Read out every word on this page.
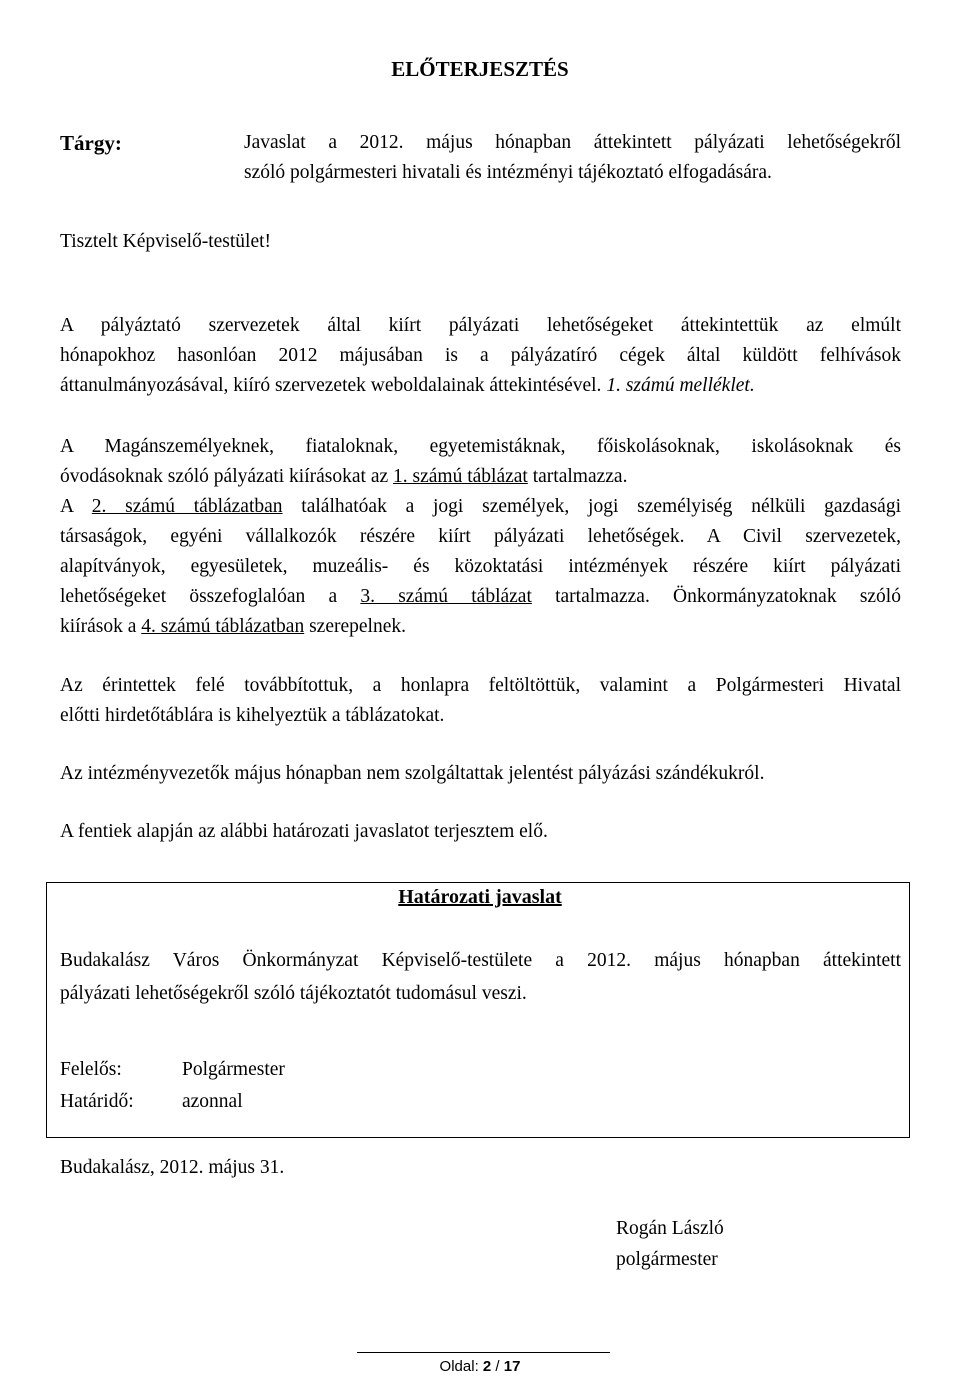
ELŐTERJESZTÉS
Tárgy:	Javaslat a 2012. május hónapban áttekintett pályázati lehetőségekről
szóló polgármesteri hivatali és intézményi tájékoztató elfogadására.
Tisztelt Képviselő-testület!
A pályáztató szervezetek által kiírt pályázati lehetőségeket áttekintettük az elmúlt
hónapokhoz hasonlóan 2012 májusában is a pályázatíró cégek által küldött felhívások
áttanulmányozásával, kiíró szervezetek weboldalainak áttekintésével. 1. számú melléklet.
A Magánszemélyeknek, fiataloknak, egyetemistáknak, főiskolásoknak, iskolásoknak és
óvodásoknak szóló pályázati kiírásokat az 1. számú táblázat tartalmazza.
A 2. számú táblázatban találhatóak a jogi személyek, jogi személyiség nélküli gazdasági
társaságok, egyéni vállalkozók részére kiírt pályázati lehetőségek. A Civil szervezetek,
alapítványok, egyesületek, muzeális- és közoktatási intézmények részére kiírt pályázati
lehetőségeket összefoglalóan a 3. számú táblázat tartalmazza. Önkormányzatoknak szóló
kiírások a 4. számú táblázatban szerepelnek.
Az érintettek felé továbbítottuk, a honlapra feltöltöttük, valamint a Polgármesteri Hivatal
előtti hirdetőtáblára is kihelyeztük a táblázatokat.
Az intézményvezetők május hónapban nem szolgáltattak jelentést pályázási szándékukról.
A fentiek alapján az alábbi határozati javaslatot terjesztem elő.
Határozati javaslat
Budakalász Város Önkormányzat Képviselő-testülete a 2012. május hónapban áttekintett
pályázati lehetőségekről szóló tájékoztatót tudomásul veszi.
Felelős:	Polgármester
Határidő: azonnal
Budakalász, 2012. május 31.
Rogán László
polgármester
Oldal: 2 / 17
